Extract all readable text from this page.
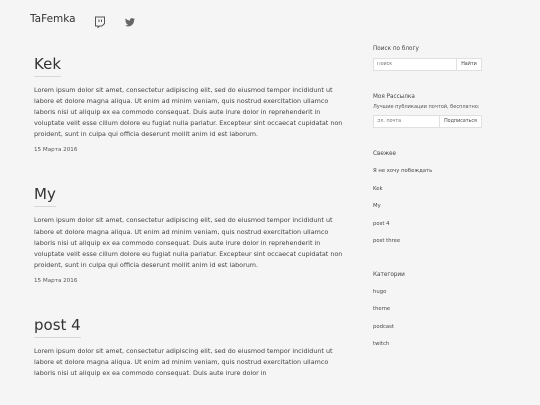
TaFemka
Kek
Lorem ipsum dolor sit amet, consectetur adipiscing elit, sed do eiusmod tempor incididunt ut labore et dolore magna aliqua. Ut enim ad minim veniam, quis nostrud exercitation ullamco laboris nisi ut aliquip ex ea commodo consequat. Duis aute irure dolor in reprehenderit in voluptate velit esse cillum dolore eu fugiat nulla pariatur. Excepteur sint occaecat cupidatat non proident, sunt in culpa qui officia deserunt mollit anim id est laborum.
15 Марта 2016
My
Lorem ipsum dolor sit amet, consectetur adipiscing elit, sed do eiusmod tempor incididunt ut labore et dolore magna aliqua. Ut enim ad minim veniam, quis nostrud exercitation ullamco laboris nisi ut aliquip ex ea commodo consequat. Duis aute irure dolor in reprehenderit in voluptate velit esse cillum dolore eu fugiat nulla pariatur. Excepteur sint occaecat cupidatat non proident, sunt in culpa qui officia deserunt mollit anim id est laborum.
15 Марта 2016
post 4
Lorem ipsum dolor sit amet, consectetur adipiscing elit, sed do eiusmod tempor incididunt ut labore et dolore magna aliqua. Ut enim ad minim veniam, quis nostrud exercitation ullamco laboris nisi ut aliquip ex ea commodo consequat. Duis aute irure dolor in
Поиск по блогу
Поиск
Найти
Моя Рассылка
Лучшие публикации почтой, бесплатно:
Эл. почта
Подписаться
Свежее
Я не хочу побеждать
Kek
My
post 4
post three
Категории
hugo
theme
podcast
twitch
